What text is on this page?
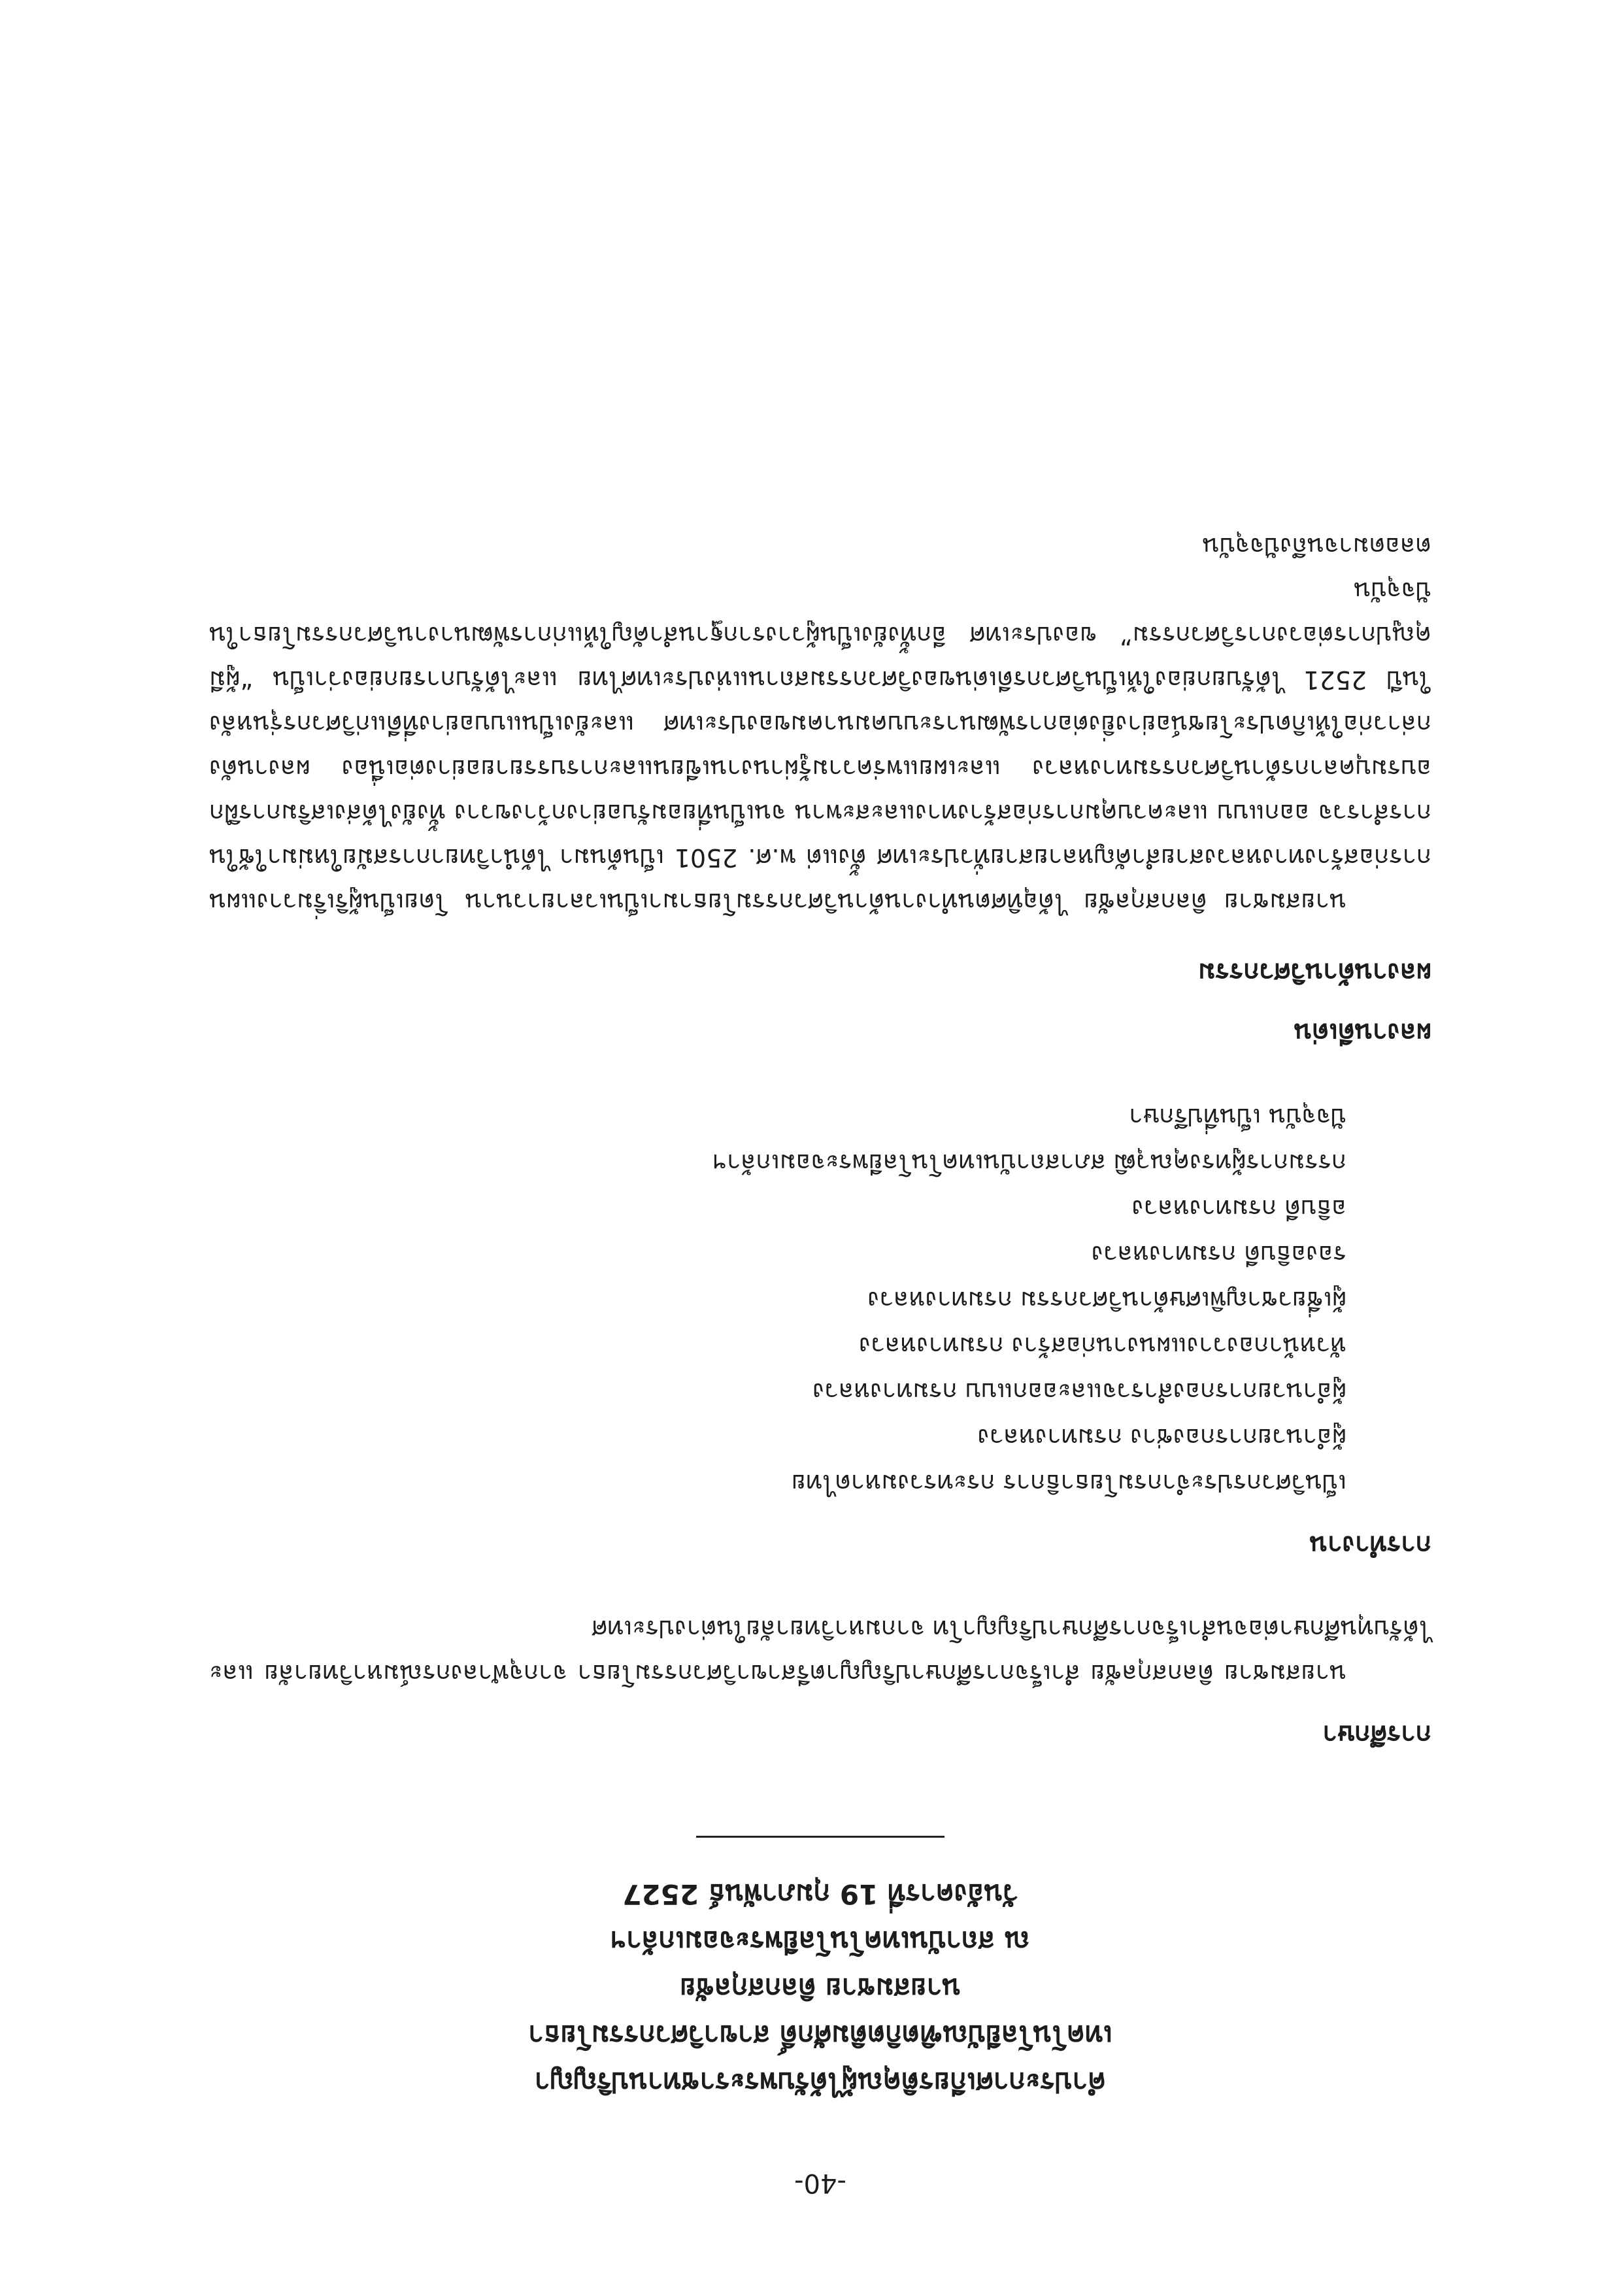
-40-
คำประกาศเกียรติคุณผู้ได้รับพระราชทานปริญญา
เทคโนโลยีบัณฑิตกิตติมศักดิ์ สาขาวิศวกรรมโยธา
นายสมชาย ดิลกสกุลชัย
ณ สถาบันเทคโนโลยีพระจอมเกล้าฯ
วันอังคารที่ 19 กุมภาพันธ์ 2527
การศึกษา

นายสมชาย ดิลกสกุลชัย สำเร็จการศึกษาปริญญาตรีสาขาวิศวกรรมโยธา จากจุฬาลงกรณ์มหาวิทยาลัย และได้รับทุนศึกษาต่อจนสำเร็จการศึกษาปริญญาโท จากมหาวิทยาลัยในต่างประเทศ

การทำงาน
เป็นวิศวกรประจำกรมโยธาธิการ กระทรวงมหาดไทย
ผู้อำนวยการกองช่าง กรมทางหลวง
ผู้อำนวยการกองสำรวจและออกแบบ กรมทางหลวง
หัวหน้ากองวางแผนงานก่อสร้าง กรมทางหลวง
ผู้เชี่ยวชาญพิเศษด้านวิศวกรรม กรมทางหลวง
รองอธิบดี กรมทางหลวง
อธิบดี กรมทางหลวง
กรรมการผู้ทรงคุณวุฒิ สภาสถาบันเทคโนโลยีพระจอมเกล้าฯ
ปัจจุบัน เป็นที่ปรึกษา
ผลงานดีเด่น
ผลงานด้านวิศวกรรม

นายสมชาย ดิลกสกุลชัย ได้อุทิศตนทำงานด้านวิศวกรรมโยธามาเป็นเวลายาวนาน โดยเป็นผู้ริเริ่มวางแผนการก่อสร้างทางหลวงสายสำคัญหลายสายทั่วประเทศ ตั้งแต่ พ.ศ. 2501 เป็นต้นมา ได้นำวิทยาการสมัยใหม่มาใช้ในการสำรวจ ออกแบบ และควบคุมการก่อสร้างทางและสะพาน จนเป็นที่ยอมรับอย่างกว้างขวาง ทั้งยังได้ส่งเสริมการฝึกอบรมบุคลากรด้านวิศวกรรมทางหลวง และเผยแพร่ความรู้ผ่านงานเขียนและการบรรยายอย่างต่อเนื่อง ผลงานดังกล่าวก่อให้เกิดประโยชน์อย่างยิ่งต่อการพัฒนาระบบคมนาคมของประเทศ และยังเป็นแบบอย่างที่ดีแก่วิศวกรรุ่นหลัง ในปี 2521 ได้รับยกย่องให้เป็นวิศวกรดีเด่นของวิศวกรรมสถานแห่งประเทศไทย และได้รับการยกย่องว่าเป็น “ผู้มีคุณูปการต่อวงการวิศวกรรม” ของประเทศ อีกทั้งยังเป็นผู้วางรากฐานสำคัญให้แก่การพัฒนางานวิศวกรรมโยธาในปัจจุบัน

ตลอดมาจนถึงปัจจุบัน
